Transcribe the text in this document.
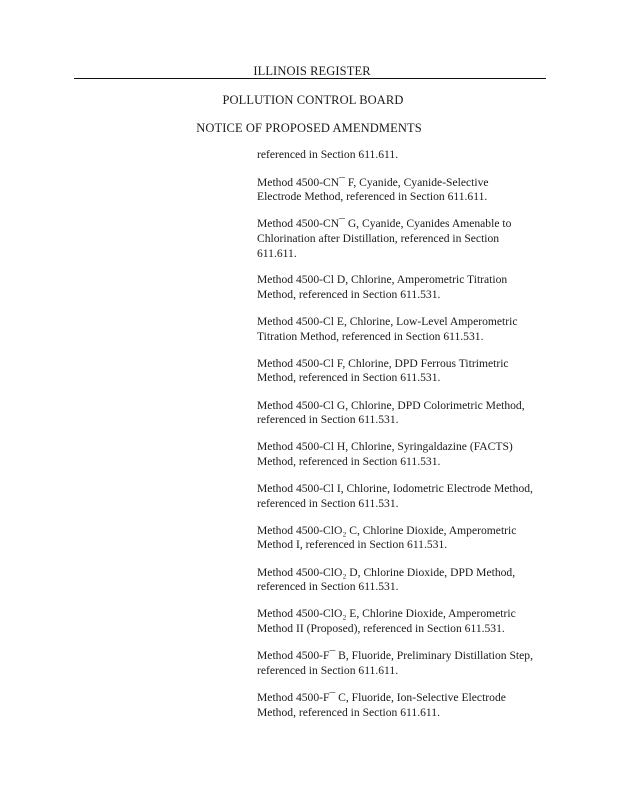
ILLINOIS REGISTER
POLLUTION CONTROL BOARD
NOTICE OF PROPOSED AMENDMENTS

referenced in Section 611.611.

Method 4500-CN¯ F, Cyanide, Cyanide-Selective
Electrode Method, referenced in Section 611.611.

Method 4500-CN¯ G, Cyanide, Cyanides Amenable to
Chlorination after Distillation, referenced in Section
611.611.

Method 4500-Cl D, Chlorine, Amperometric Titration
Method, referenced in Section 611.531.

Method 4500-Cl E, Chlorine, Low-Level Amperometric
Titration Method, referenced in Section 611.531.

Method 4500-Cl F, Chlorine, DPD Ferrous Titrimetric
Method, referenced in Section 611.531.

Method 4500-Cl G, Chlorine, DPD Colorimetric Method,
referenced in Section 611.531.

Method 4500-Cl H, Chlorine, Syringaldazine (FACTS)
Method, referenced in Section 611.531.

Method 4500-Cl I, Chlorine, Iodometric Electrode Method,
referenced in Section 611.531.

Method 4500-ClO₂ C, Chlorine Dioxide, Amperometric
Method I, referenced in Section 611.531.

Method 4500-ClO₂ D, Chlorine Dioxide, DPD Method,
referenced in Section 611.531.

Method 4500-ClO₂ E, Chlorine Dioxide, Amperometric
Method II (Proposed), referenced in Section 611.531.

Method 4500-F¯ B, Fluoride, Preliminary Distillation Step,
referenced in Section 611.611.

Method 4500-F¯ C, Fluoride, Ion-Selective Electrode
Method, referenced in Section 611.611.
